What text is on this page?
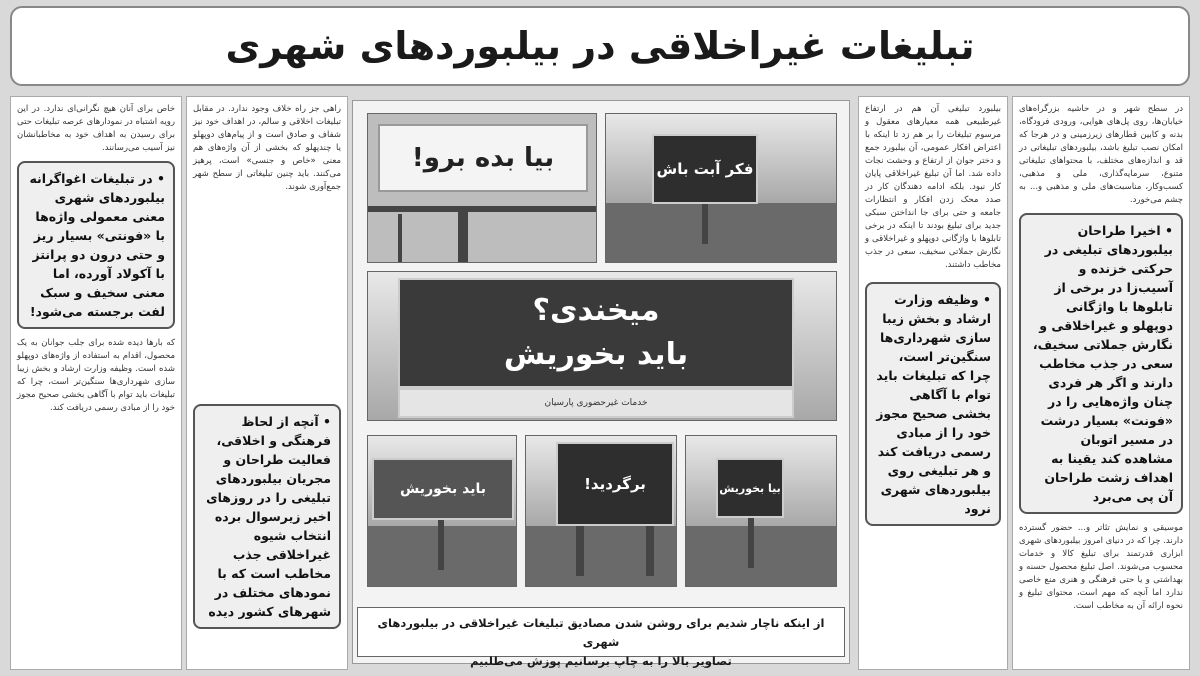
تبلیغات غیراخلاقی در بیلبوردهای شهری

در سطح شهر و در حاشیه بزرگراه‌های خیابان‌ها، روی پل‌های هوایی، ورودی فرودگاه، بدنه و کابین قطارهای زیرزمینی و در هرجا که امکان نصب تبلیغ باشد، بیلبوردهای تبلیغاتی در قد و اندازه‌های مختلف، با محتواهای تبلیغاتی متنوع، سرمایه‌گذاری، ملی و مذهبی، کسب‌وکار، مناسبت‌های ملی و مذهبی و... به چشم می‌خورد.

• اخیرا طراحان بیلبوردهای تبلیغی در حرکتی خزنده و آسیب‌زا در برخی از تابلوها با واژگانی دوپهلو و غیراخلاقی و نگارش جملاتی سخیف، سعی در جذب مخاطب دارند و اگر هر فردی چنان واژه‌هایی را در «فونت» بسیار درشت در مسیر اتوبان مشاهده کند یقینا به اهداف زشت طراحان آن پی می‌برد

موسیقی و نمایش تئاتر و... حضور گسترده دارند. چرا که در دنیای امروز بیلبوردهای شهری ابزاری قدرتمند برای تبلیغ کالا و خدمات محسوب می‌شوند. اصل تبلیغ محصول حسنه و بهداشتی و یا حتی فرهنگی و هنری منع خاصی ندارد اما آنچه که مهم است، محتوای تبلیغ و نحوه ارائه آن به مخاطب است.

بیلبورد تبلیغی آن هم در ارتفاع غیرطبیعی همه معیارهای معقول و مرسوم تبلیغات را بر هم زد تا اینکه با اعتراض افکار عمومی، آن بیلبورد جمع و دختر جوان از ارتفاع و وحشت نجات داده شد. اما آن تبلیغ غیراخلاقی پایان کار نبود. بلکه ادامه دهندگان کار در صدد محک زدن افکار و انتظارات جامعه و حتی برای جا انداختن سبکی جدید برای تبلیغ بودند تا اینکه در برخی تابلوها با واژگانی دوپهلو و غیراخلاقی و نگارش جملاتی سخیف، سعی در جذب مخاطب داشتند.

• وظیفه وزارت ارشاد و بخش زیبا سازی شهرداری‌ها سنگین‌تر است، چرا که تبلیغات باید توام با آگاهی بخشی صحیح مجوز خود را از مبادی رسمی دریافت کند و هر تبلیغی روی بیلبوردهای شهری نرود

راهی جز راه خلاف وجود ندارد. در مقابل تبلیغات اخلاقی و سالم، در اهداف خود نیز شفاف و صادق است و از پیام‌های دوپهلو یا چندپهلو که بخشی از آن واژه‌های هم معنی «خاص و جنسی» است، پرهیز می‌کنند. باید چنین تبلیغاتی از سطح شهر جمع‌آوری شوند.

• آنچه از لحاظ فرهنگی و اخلاقی، فعالیت طراحان و مجریان بیلبوردهای تبلیغی را در روزهای اخیر زیرسوال برده انتخاب شیوه غیراخلاقی جذب مخاطب است که با نمودهای مختلف در شهرهای کشور دیده

خاص برای آنان هیچ نگرانی‌ای ندارد. در این رویه اشتباه در نمودارهای عرصه تبلیغات حتی برای رسیدن به اهداف خود به مخاطبانشان نیز آسیب می‌رسانند.

• در تبلیغات اغواگرانه بیلبوردهای شهری معنی معمولی واژه‌ها با «فونتی» بسیار ریز و حتی درون دو پرانتز با آکولاد آورده، اما معنی سخیف و سبک لفت برجسته می‌شود!

که بارها دیده شده برای جلب جوانان به یک محصول، اقدام به استفاده از واژه‌های دوپهلو شده است. وظیفه وزارت ارشاد و بخش زیبا سازی شهرداری‌ها سنگین‌تر است، چرا که تبلیغات باید توام با آگاهی بخشی صحیح مجوز خود را از مبادی رسمی دریافت کند.

بیا بده برو!	فکر آبت باش
میخندی؟
باید بخوریش
خدمات غیرحضوری پارسیان
باید بخوریش	برگردید!	بیا بخوریش
از اینکه ناچار شدیم برای روشن شدن مصادیق تبلیغات غیراخلاقی در بیلبوردهای شهری
تصاویر بالا را به چاپ برسانیم پوزش می‌طلبیم
